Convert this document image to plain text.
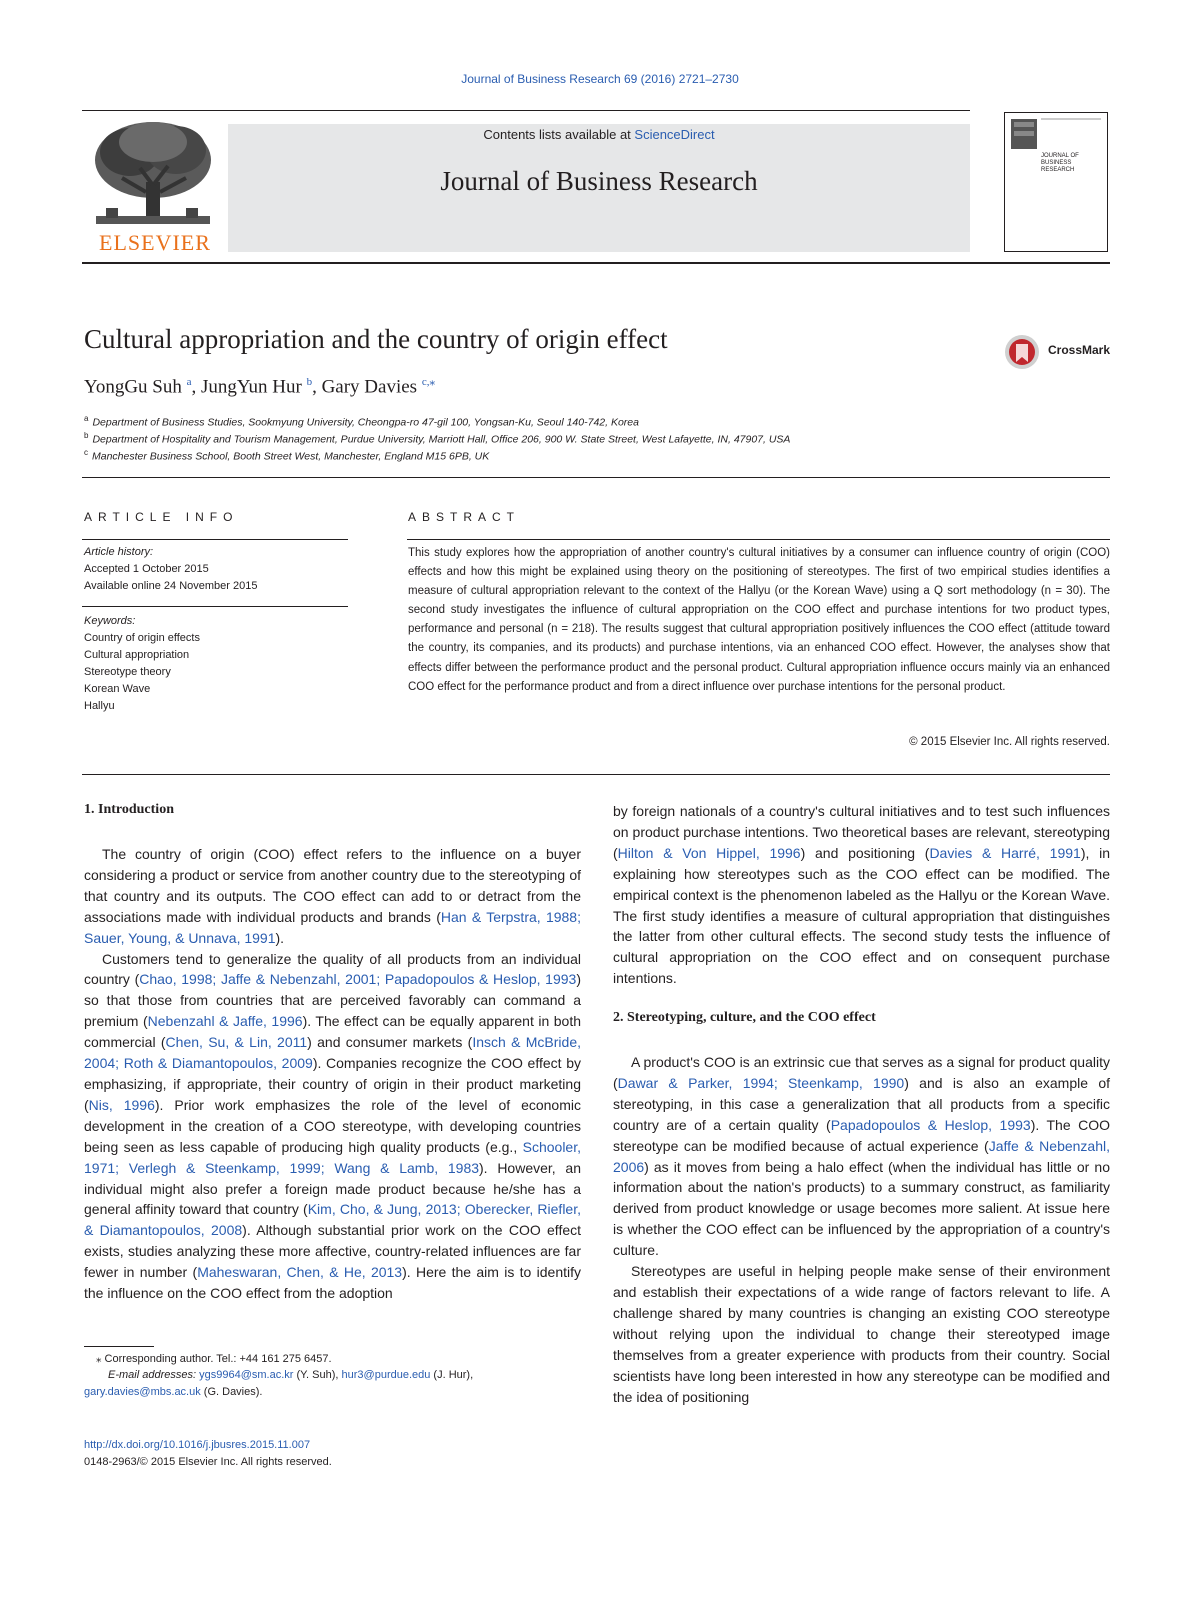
Journal of Business Research 69 (2016) 2721–2730
ELSEVIER
Contents lists available at ScienceDirect
Journal of Business Research
JOURNAL OF BUSINESS RESEARCH
Cultural appropriation and the country of origin effect	CrossMark
YongGu Suh $^a$, JungYun Hur $^b$, Gary Davies $^{c,⁎}$
$^a$ Department of Business Studies, Sookmyung University, Cheongpa-ro 47-gil 100, Yongsan-Ku, Seoul 140-742, Korea
$^b$ Department of Hospitality and Tourism Management, Purdue University, Marriott Hall, Office 206, 900 W. State Street, West Lafayette, IN, 47907, USA
$^c$ Manchester Business School, Booth Street West, Manchester, England M15 6PB, UK
ARTICLE INFO
Article history:
Accepted 1 October 2015
Available online 24 November 2015
Keywords:
Country of origin effects
Cultural appropriation
Stereotype theory
Korean Wave
Hallyu
ABSTRACT

This study explores how the appropriation of another country's cultural initiatives by a consumer can influence country of origin (COO) effects and how this might be explained using theory on the positioning of stereotypes. The first of two empirical studies identifies a measure of cultural appropriation relevant to the context of the Hallyu (or the Korean Wave) using a Q sort methodology (n = 30). The second study investigates the influence of cultural appropriation on the COO effect and purchase intentions for two product types, performance and personal (n = 218). The results suggest that cultural appropriation positively influences the COO effect (attitude toward the country, its companies, and its products) and purchase intentions, via an enhanced COO effect. However, the analyses show that effects differ between the performance product and the personal product. Cultural appropriation influence occurs mainly via an enhanced COO effect for the performance product and from a direct influence over purchase intentions for the personal product.

© 2015 Elsevier Inc. All rights reserved.
1. Introduction

The country of origin (COO) effect refers to the influence on a buyer considering a product or service from another country due to the stereotyping of that country and its outputs. The COO effect can add to or detract from the associations made with individual products and brands (Han & Terpstra, 1988; Sauer, Young, & Unnava, 1991).

Customers tend to generalize the quality of all products from an individual country (Chao, 1998; Jaffe & Nebenzahl, 2001; Papadopoulos & Heslop, 1993) so that those from countries that are perceived favorably can command a premium (Nebenzahl & Jaffe, 1996). The effect can be equally apparent in both commercial (Chen, Su, & Lin, 2011) and consumer markets (Insch & McBride, 2004; Roth & Diamantopoulos, 2009). Companies recognize the COO effect by emphasizing, if appropriate, their country of origin in their product marketing (Nis, 1996). Prior work emphasizes the role of the level of economic development in the creation of a COO stereotype, with developing countries being seen as less capable of producing high quality products (e.g., Schooler, 1971; Verlegh & Steenkamp, 1999; Wang & Lamb, 1983). However, an individual might also prefer a foreign made product because he/she has a general affinity toward that country (Kim, Cho, & Jung, 2013; Oberecker, Riefler, & Diamantopoulos, 2008). Although substantial prior work on the COO effect exists, studies analyzing these more affective, country-related influences are far fewer in number (Maheswaran, Chen, & He, 2013). Here the aim is to identify the influence on the COO effect from the adoption

by foreign nationals of a country's cultural initiatives and to test such influences on product purchase intentions. Two theoretical bases are relevant, stereotyping (Hilton & Von Hippel, 1996) and positioning (Davies & Harré, 1991), in explaining how stereotypes such as the COO effect can be modified. The empirical context is the phenomenon labeled as the Hallyu or the Korean Wave. The first study identifies a measure of cultural appropriation that distinguishes the latter from other cultural effects. The second study tests the influence of cultural appropriation on the COO effect and on consequent purchase intentions.

2. Stereotyping, culture, and the COO effect

A product's COO is an extrinsic cue that serves as a signal for product quality (Dawar & Parker, 1994; Steenkamp, 1990) and is also an example of stereotyping, in this case a generalization that all products from a specific country are of a certain quality (Papadopoulos & Heslop, 1993). The COO stereotype can be modified because of actual experience (Jaffe & Nebenzahl, 2006) as it moves from being a halo effect (when the individual has little or no information about the nation's products) to a summary construct, as familiarity derived from product knowledge or usage becomes more salient. At issue here is whether the COO effect can be influenced by the appropriation of a country's culture.

Stereotypes are useful in helping people make sense of their environment and establish their expectations of a wide range of factors relevant to life. A challenge shared by many countries is changing an existing COO stereotype without relying upon the individual to change their stereotyped image themselves from a greater experience with products from their country. Social scientists have long been interested in how any stereotype can be modified and the idea of positioning

⁎ Corresponding author. Tel.: +44 161 275 6457.
E-mail addresses: ygs9964@sm.ac.kr (Y. Suh), hur3@purdue.edu (J. Hur),
gary.davies@mbs.ac.uk (G. Davies).
http://dx.doi.org/10.1016/j.jbusres.2015.11.007
0148-2963/© 2015 Elsevier Inc. All rights reserved.
